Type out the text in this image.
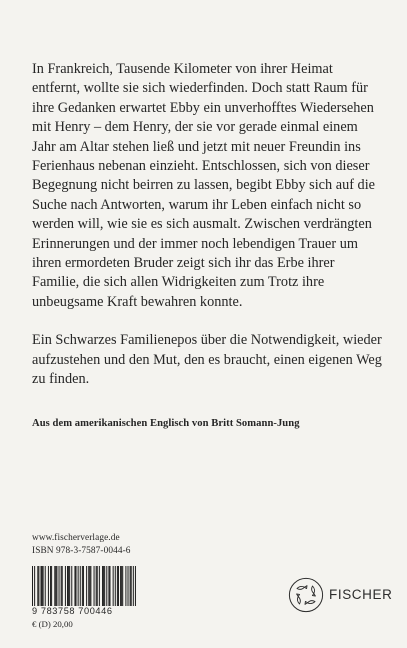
In Frankreich, Tausende Kilometer von ihrer Heimat entfernt, wollte sie sich wiederfinden. Doch statt Raum für ihre Gedanken erwartet Ebby ein unverhofftes Wiedersehen mit Henry – dem Henry, der sie vor gerade einmal einem Jahr am Altar stehen ließ und jetzt mit neuer Freundin ins Ferienhaus nebenan einzieht. Entschlossen, sich von dieser Begegnung nicht beirren zu lassen, begibt Ebby sich auf die Suche nach Antworten, warum ihr Leben einfach nicht so werden will, wie sie es sich ausmalt. Zwischen verdrängten Erinnerungen und der immer noch lebendigen Trauer um ihren ermordeten Bruder zeigt sich ihr das Erbe ihrer Familie, die sich allen Widrigkeiten zum Trotz ihre unbeugsame Kraft bewahren konnte.

Ein Schwarzes Familienepos über die Notwendigkeit, wieder aufzustehen und den Mut, den es braucht, einen eigenen Weg zu finden.

Aus dem amerikanischen Englisch von Britt Somann-Jung
www.fischerverlage.de
ISBN 978-3-7587-0044-6
9 783758 700446
€ (D) 20,00
FISCHER
